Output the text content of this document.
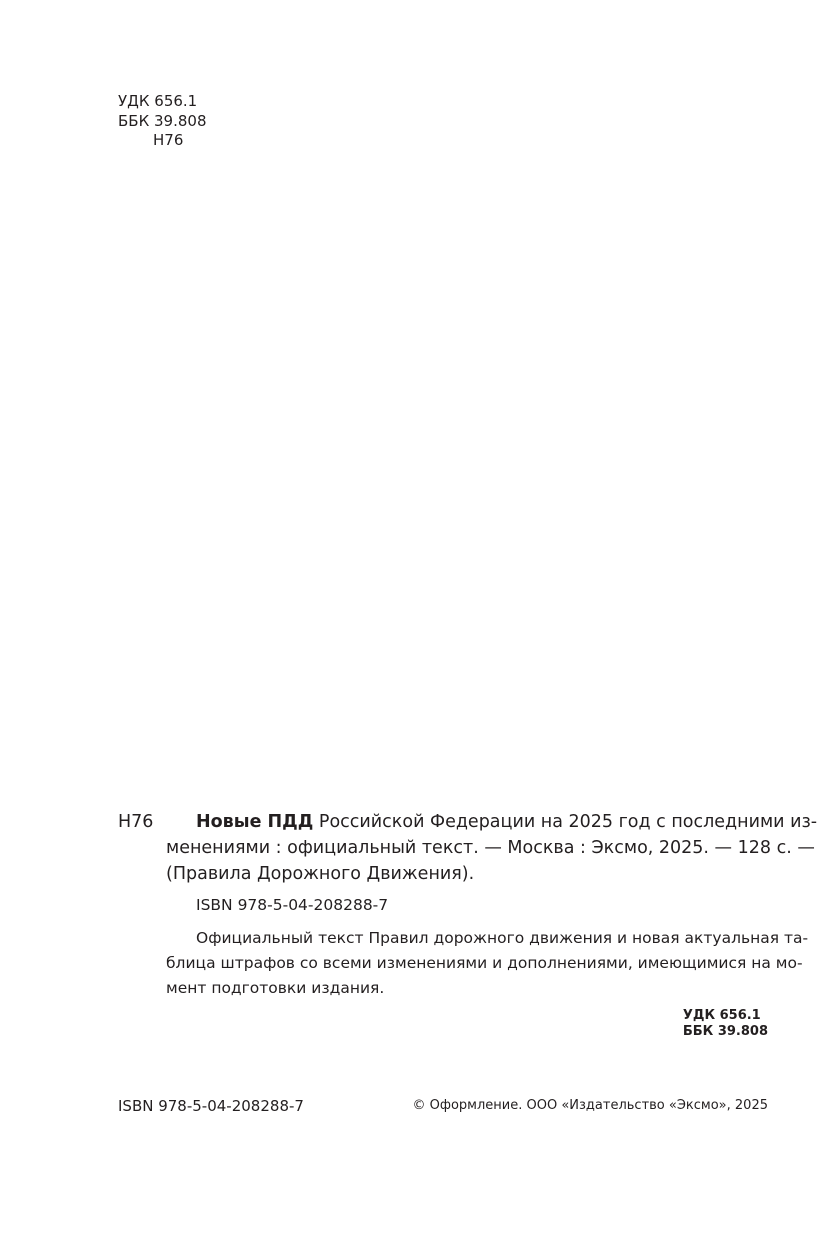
УДК 656.1
ББК 39.808
Н76
Н76	Новые ПДД Российской Федерации на 2025 год с последними из-
менениями : официальный текст. — Москва : Эксмо, 2025. — 128 с. —
(Правила Дорожного Движения).
ISBN 978-5-04-208288-7
Официальный текст Правил дорожного движения и новая актуальная та-
блица штрафов со всеми изменениями и дополнениями, имеющимися на мо-
мент подготовки издания.
УДК 656.1
ББК 39.808
ISBN 978-5-04-208288-7	© Оформление. ООО «Издательство «Эксмо», 2025
